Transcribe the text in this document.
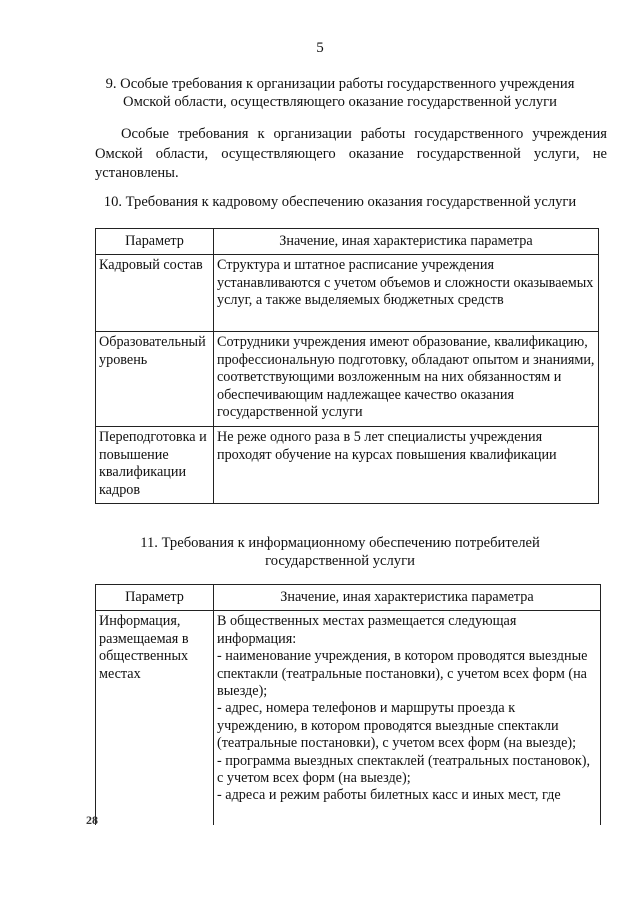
5
9. Особые требования к организации работы государственного учреждения
Омской области, осуществляющего оказание государственной услуги
Особые требования к организации работы государственного учреждения Омской области, осуществляющего оказание государственной услуги, не установлены.
10. Требования к кадровому обеспечению оказания государственной услуги
Параметр	Значение, иная характеристика параметра
Кадровый состав	Структура и штатное расписание учреждения устанавливаются с учетом объемов и сложности оказываемых услуг, а также выделяемых бюджетных средств
Образовательный уровень	Сотрудники учреждения имеют образование, квалификацию, профессиональную подготовку, обладают опытом и знаниями, соответствующими возложенным на них обязанностям и обеспечивающим надлежащее качество оказания государственной услуги
Переподготовка и повышение квалификации кадров	Не реже одного раза в 5 лет специалисты учреждения проходят обучение на курсах повышения квалификации
11. Требования к информационному обеспечению потребителей
государственной услуги
Параметр	Значение, иная характеристика параметра
Информация, размещаемая в общественных местах	В общественных местах размещается следующая информация:
- наименование учреждения, в котором проводятся выездные спектакли (театральные постановки), с учетом всех форм (на выезде);
- адрес, номера телефонов и маршруты проезда к учреждению, в котором проводятся выездные спектакли (театральные постановки), с учетом всех форм (на выезде);
- программа выездных спектаклей (театральных постановок), с учетом всех форм (на выезде);
- адреса и режим работы билетных касс и иных мест, где
28
